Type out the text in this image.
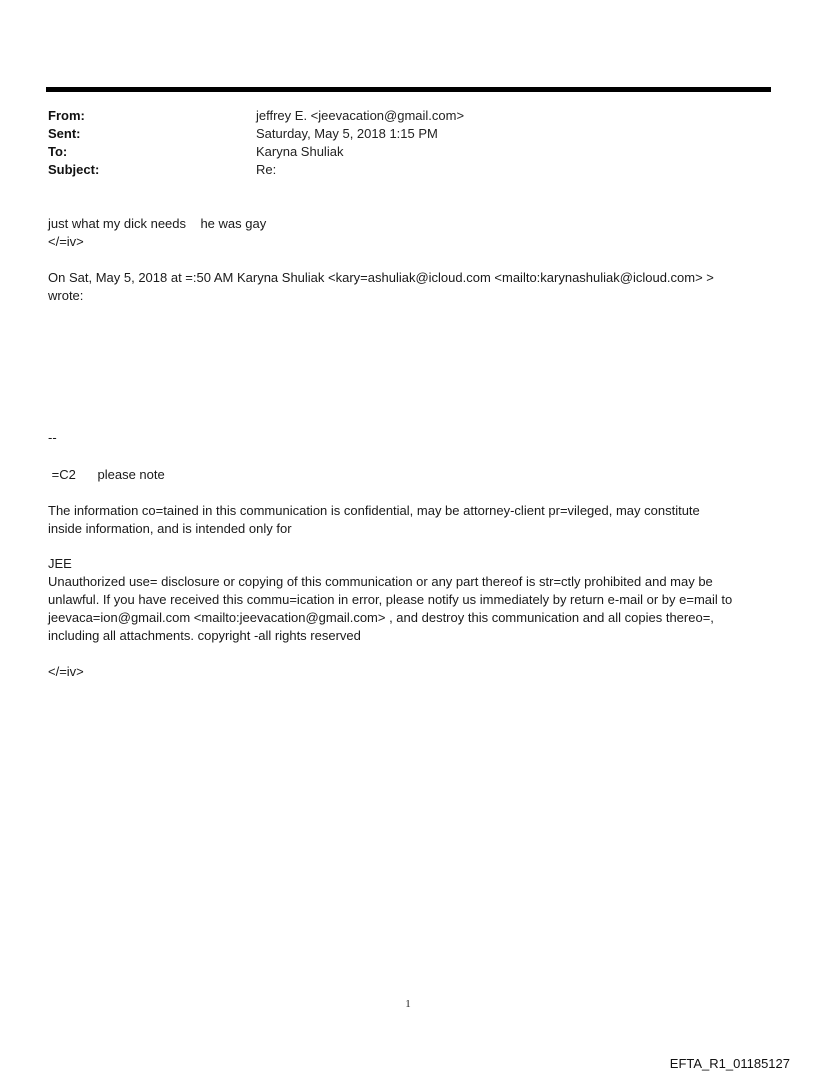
From:	jeffrey E. <jeevacation@gmail.com>
Sent:	Saturday, May 5, 2018 1:15 PM
To:	Karyna Shuliak
Subject:	Re:
just what my dick needs    he was gay
</=iv>
On Sat, May 5, 2018 at =:50 AM Karyna Shuliak <kary=ashuliak@icloud.com <mailto:karynashuliak@icloud.com> >
wrote:
--
=C2      please note
The information co=tained in this communication is confidential, may be attorney-client pr=vileged, may constitute
inside information, and is intended only for
JEE
Unauthorized use= disclosure or copying of this communication or any part thereof is str=ctly prohibited and may be
unlawful. If you have received this commu=ication in error, please notify us immediately by return e-mail or by e=mail to
jeevaca=ion@gmail.com <mailto:jeevacation@gmail.com> , and destroy this communication and all copies thereo=,
including all attachments. copyright -all rights reserved
</=iv>
1
EFTA_R1_01185127
